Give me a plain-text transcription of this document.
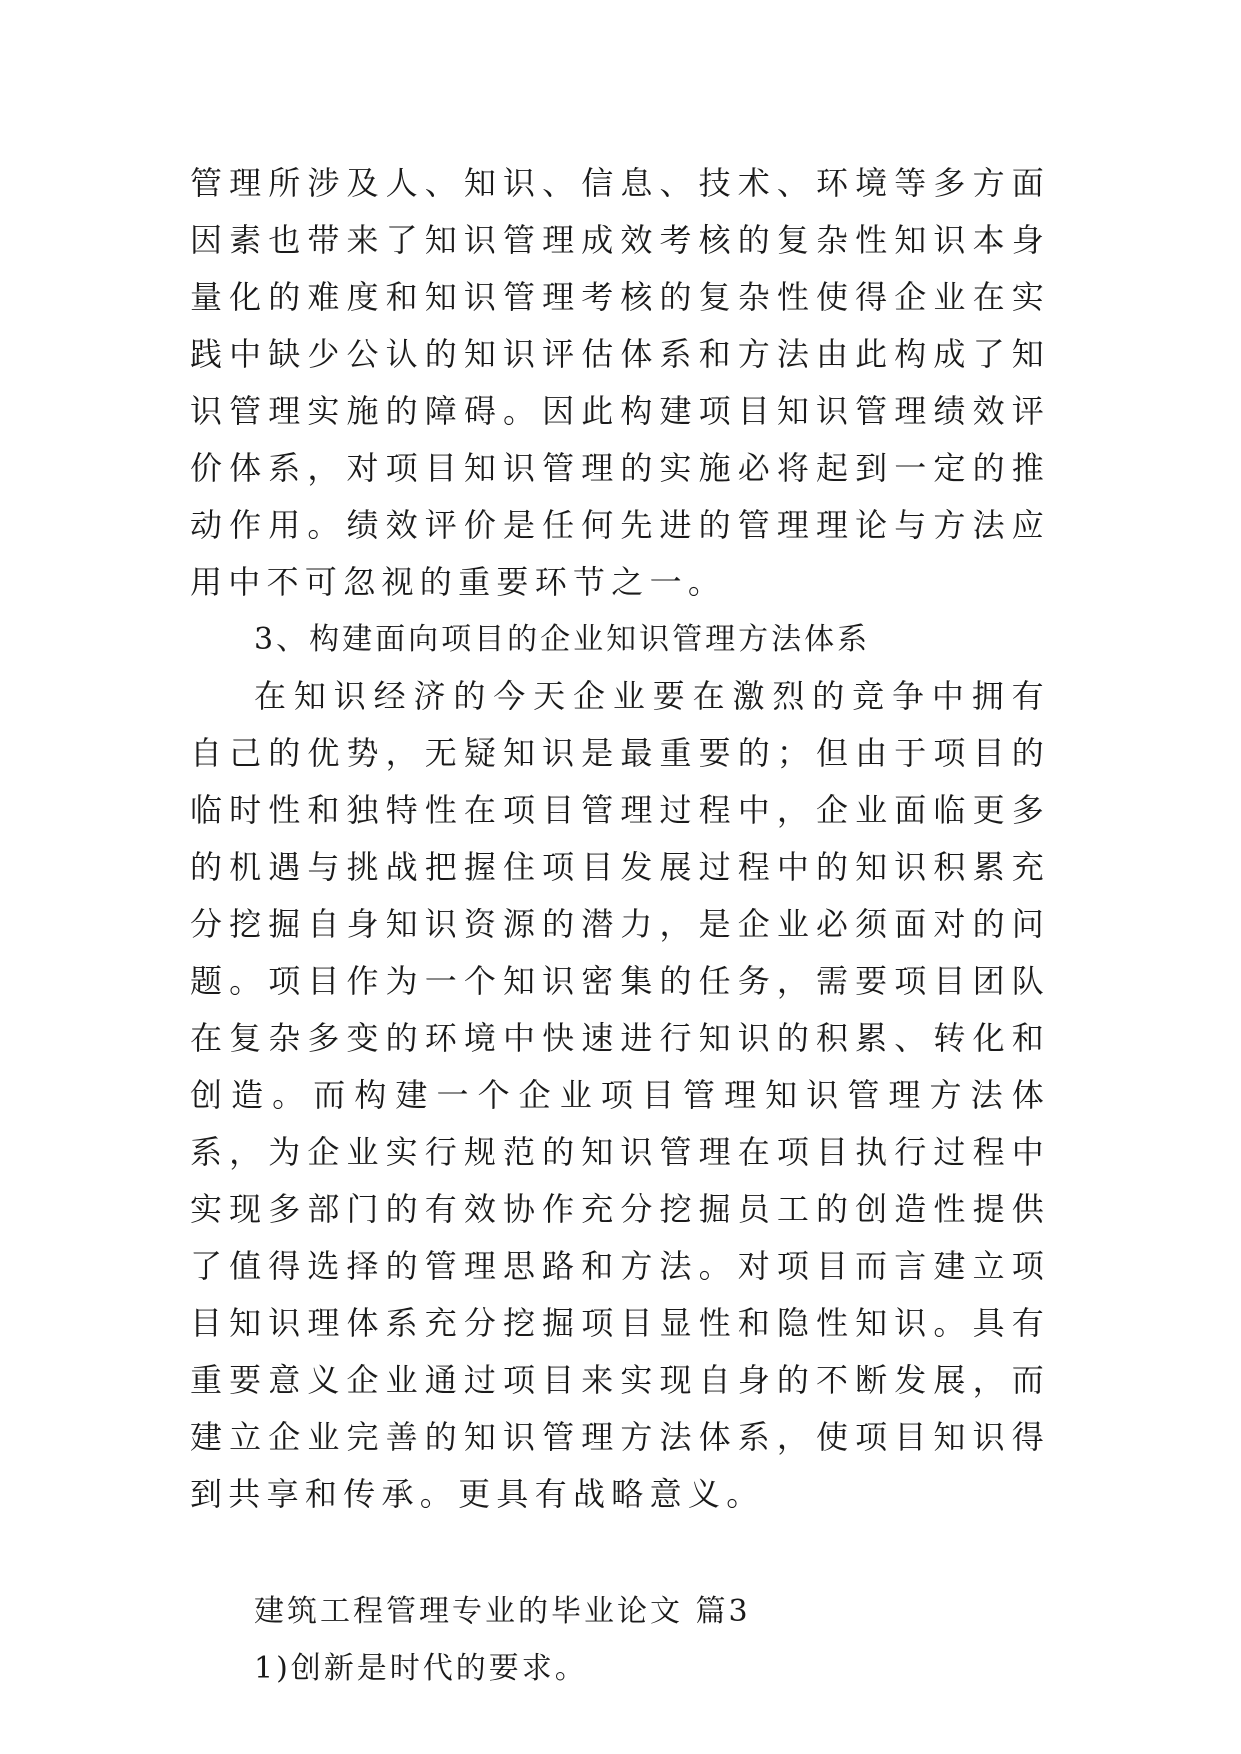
管理所涉及人、知识、信息、技术、环境等多方面因素也带来了知识管理成效考核的复杂性知识本身量化的难度和知识管理考核的复杂性使得企业在实践中缺少公认的知识评估体系和方法由此构成了知识管理实施的障碍。因此构建项目知识管理绩效评价体系，对项目知识管理的实施必将起到一定的推动作用。绩效评价是任何先进的管理理论与方法应用中不可忽视的重要环节之一。

3、构建面向项目的企业知识管理方法体系

在知识经济的今天企业要在激烈的竞争中拥有自己的优势，无疑知识是最重要的；但由于项目的临时性和独特性在项目管理过程中，企业面临更多的机遇与挑战把握住项目发展过程中的知识积累充分挖掘自身知识资源的潜力，是企业必须面对的问题。项目作为一个知识密集的任务，需要项目团队在复杂多变的环境中快速进行知识的积累、转化和创造。而构建一个企业项目管理知识管理方法体系，为企业实行规范的知识管理在项目执行过程中实现多部门的有效协作充分挖掘员工的创造性提供了值得选择的管理思路和方法。对项目而言建立项目知识理体系充分挖掘项目显性和隐性知识。具有重要意义企业通过项目来实现自身的不断发展，而建立企业完善的知识管理方法体系，使项目知识得到共享和传承。更具有战略意义。

建筑工程管理专业的毕业论文 篇3

1)创新是时代的要求。
